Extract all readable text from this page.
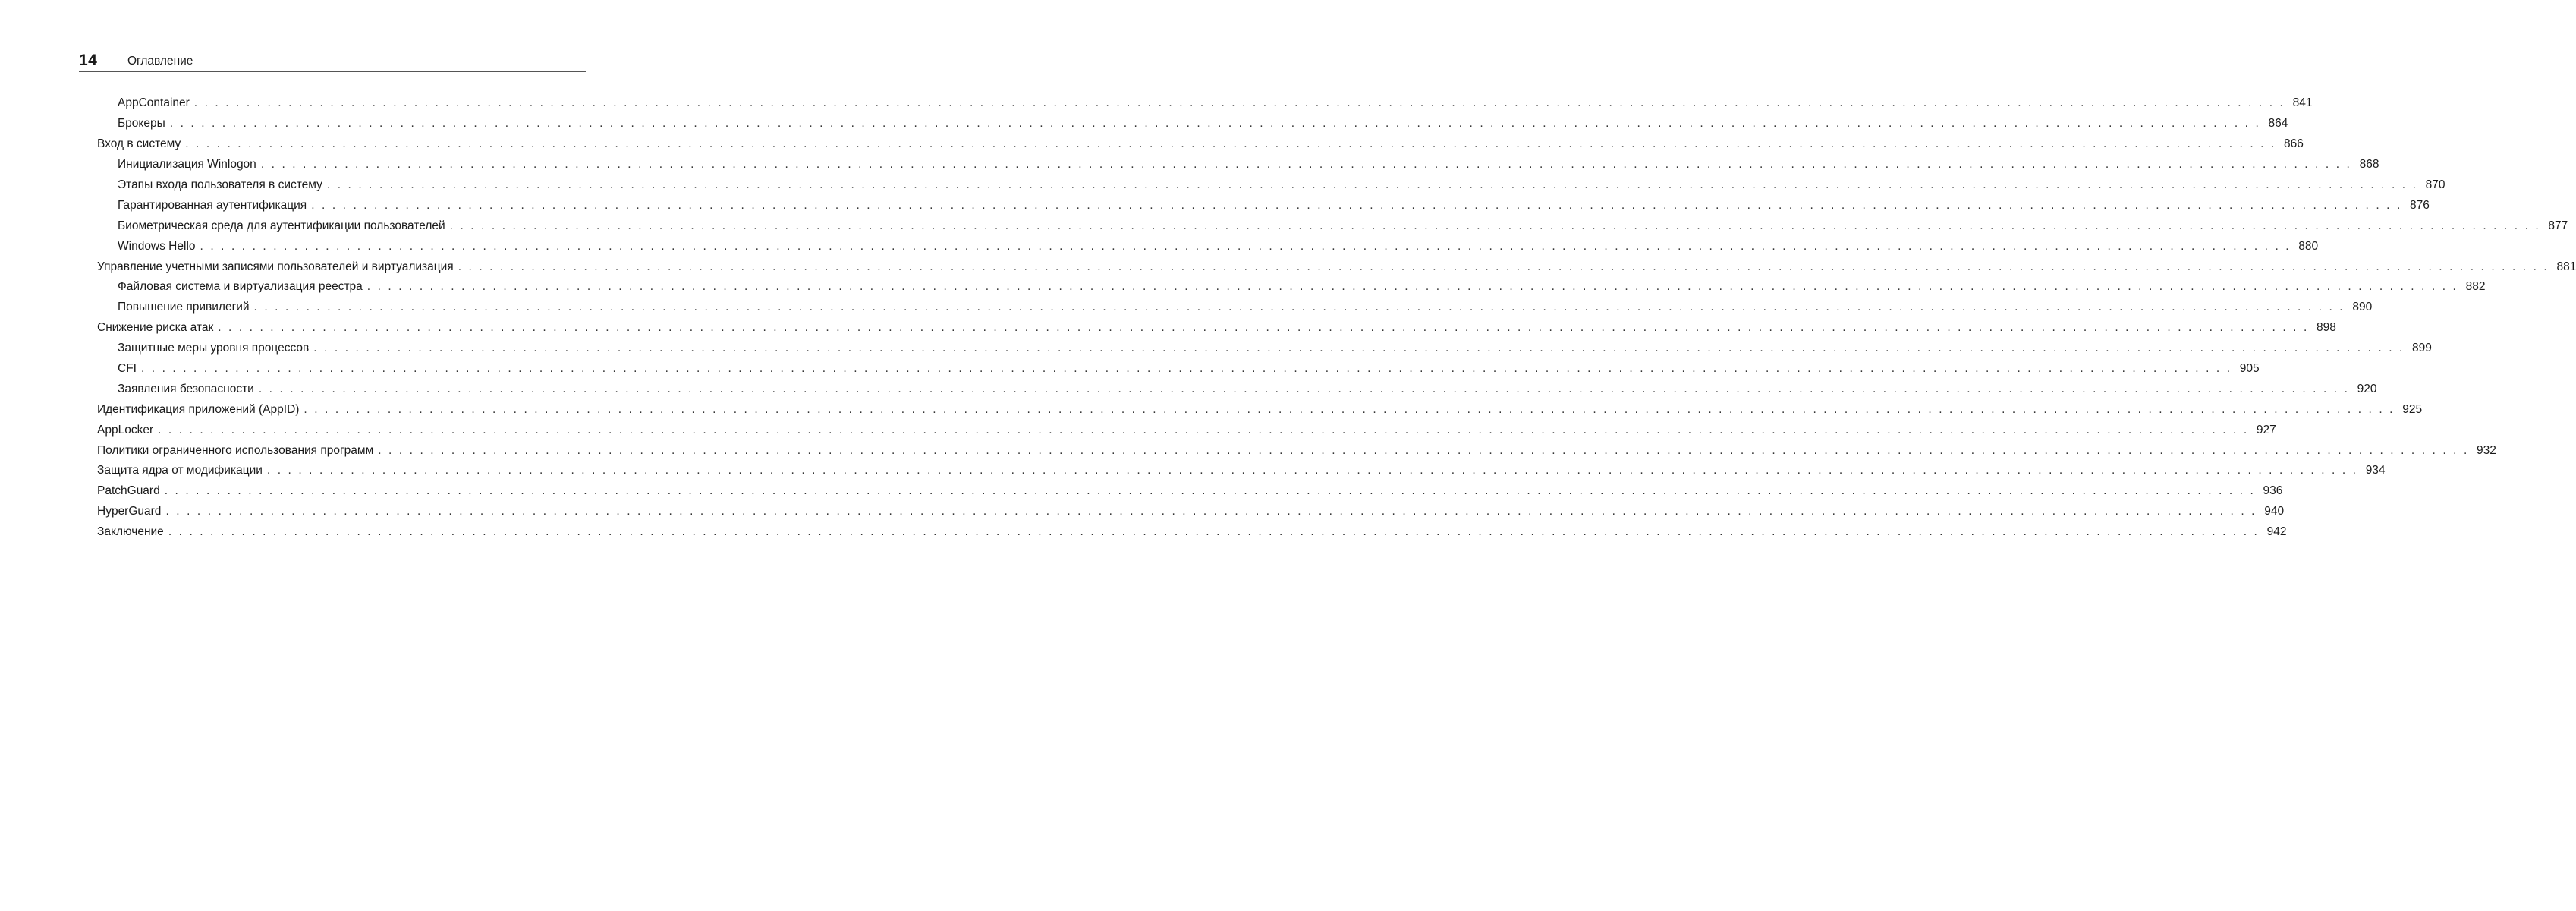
14	Оглавление
AppContainer . . . . . . . . . . . . . . . . . . . . . . . . . . . . . . . . . . . . . . . . . . . . . . . . . . . . . . . . . . . . . . . . . . . . . . . . . . . . . . . . . . . . . . . . . . . . . . . . . . . . . . . . . . . . . . . . . . . . . . . . . . . . . . . . . . . . . . . . . . . . . . . . . . . . . . . . . . . . . . . . . . . . . . . . . . . . . . . . . . . . . . . . . . . . . . . . . . . . . . . . 841
Брокеры . . . . . . . . . . . . . . . . . . . . . . . . . . . . . . . . . . . . . . . . . . . . . . . . . . . . . . . . . . . . . . . . . . . . . . . . . . . . . . . . . . . . . . . . . . . . . . . . . . . . . . . . . . . . . . . . . . . . . . . . . . . . . . . . . . . . . . . . . . . . . . . . . . . . . . . . . . . . . . . . . . . . . . . . . . . . . . . . . . . . . . . . . . . . . . . . . . . . . . . . 864
Вход в систему . . . . . . . . . . . . . . . . . . . . . . . . . . . . . . . . . . . . . . . . . . . . . . . . . . . . . . . . . . . . . . . . . . . . . . . . . . . . . . . . . . . . . . . . . . . . . . . . . . . . . . . . . . . . . . . . . . . . . . . . . . . . . . . . . . . . . . . . . . . . . . . . . . . . . . . . . . . . . . . . . . . . . . . . . . . . . . . . . . . . . . . . . . . . . . . . . . . . . . . . 866
Инициализация Winlogon . . . . . . . . . . . . . . . . . . . . . . . . . . . . . . . . . . . . . . . . . . . . . . . . . . . . . . . . . . . . . . . . . . . . . . . . . . . . . . . . . . . . . . . . . . . . . . . . . . . . . . . . . . . . . . . . . . . . . . . . . . . . . . . . . . . . . . . . . . . . . . . . . . . . . . . . . . . . . . . . . . . . . . . . . . . . . . . . . . . . . . . . . . . . . . . . . . . . . . . . 868
Этапы входа пользователя в систему . . . . . . . . . . . . . . . . . . . . . . . . . . . . . . . . . . . . . . . . . . . . . . . . . . . . . . . . . . . . . . . . . . . . . . . . . . . . . . . . . . . . . . . . . . . . . . . . . . . . . . . . . . . . . . . . . . . . . . . . . . . . . . . . . . . . . . . . . . . . . . . . . . . . . . . . . . . . . . . . . . . . . . . . . . . . . . . . . . . . . . . . . . . . . . . . . . . . . . . . 870
Гарантированная аутентификация . . . . . . . . . . . . . . . . . . . . . . . . . . . . . . . . . . . . . . . . . . . . . . . . . . . . . . . . . . . . . . . . . . . . . . . . . . . . . . . . . . . . . . . . . . . . . . . . . . . . . . . . . . . . . . . . . . . . . . . . . . . . . . . . . . . . . . . . . . . . . . . . . . . . . . . . . . . . . . . . . . . . . . . . . . . . . . . . . . . . . . . . . . . . . . . . . . . . . . . . 876
Биометрическая среда для аутентификации пользователей . . . . . . . . . . . . . . . . . . . . . . . . . . . . . . . . . . . . . . . . . . . . . . . . . . . . . . . . . . . . . . . . . . . . . . . . . . . . . . . . . . . . . . . . . . . . . . . . . . . . . . . . . . . . . . . . . . . . . . . . . . . . . . . . . . . . . . . . . . . . . . . . . . . . . . . . . . . . . . . . . . . . . . . . . . . . . . . . . . . . . . . . . . . . . . . . . . . . . . . . 877
Windows Hello . . . . . . . . . . . . . . . . . . . . . . . . . . . . . . . . . . . . . . . . . . . . . . . . . . . . . . . . . . . . . . . . . . . . . . . . . . . . . . . . . . . . . . . . . . . . . . . . . . . . . . . . . . . . . . . . . . . . . . . . . . . . . . . . . . . . . . . . . . . . . . . . . . . . . . . . . . . . . . . . . . . . . . . . . . . . . . . . . . . . . . . . . . . . . . . . . . . . . . . . 880
Управление учетными записями пользователей и виртуализация . . . . . . . . . . . . . . . . . . . . . . . . . . . . . . . . . . . . . . . . . . . . . . . . . . . . . . . . . . . . . . . . . . . . . . . . . . . . . . . . . . . . . . . . . . . . . . . . . . . . . . . . . . . . . . . . . . . . . . . . . . . . . . . . . . . . . . . . . . . . . . . . . . . . . . . . . . . . . . . . . . . . . . . . . . . . . . . . . . . . . . . . . . . . . . . . . . . . . . . . 881
Файловая система и виртуализация реестра . . . . . . . . . . . . . . . . . . . . . . . . . . . . . . . . . . . . . . . . . . . . . . . . . . . . . . . . . . . . . . . . . . . . . . . . . . . . . . . . . . . . . . . . . . . . . . . . . . . . . . . . . . . . . . . . . . . . . . . . . . . . . . . . . . . . . . . . . . . . . . . . . . . . . . . . . . . . . . . . . . . . . . . . . . . . . . . . . . . . . . . . . . . . . . . . . . . . . . . . 882
Повышение привилегий . . . . . . . . . . . . . . . . . . . . . . . . . . . . . . . . . . . . . . . . . . . . . . . . . . . . . . . . . . . . . . . . . . . . . . . . . . . . . . . . . . . . . . . . . . . . . . . . . . . . . . . . . . . . . . . . . . . . . . . . . . . . . . . . . . . . . . . . . . . . . . . . . . . . . . . . . . . . . . . . . . . . . . . . . . . . . . . . . . . . . . . . . . . . . . . . . . . . . . . . 890
Снижение риска атак . . . . . . . . . . . . . . . . . . . . . . . . . . . . . . . . . . . . . . . . . . . . . . . . . . . . . . . . . . . . . . . . . . . . . . . . . . . . . . . . . . . . . . . . . . . . . . . . . . . . . . . . . . . . . . . . . . . . . . . . . . . . . . . . . . . . . . . . . . . . . . . . . . . . . . . . . . . . . . . . . . . . . . . . . . . . . . . . . . . . . . . . . . . . . . . . . . . . . . . . 898
Защитные меры уровня процессов . . . . . . . . . . . . . . . . . . . . . . . . . . . . . . . . . . . . . . . . . . . . . . . . . . . . . . . . . . . . . . . . . . . . . . . . . . . . . . . . . . . . . . . . . . . . . . . . . . . . . . . . . . . . . . . . . . . . . . . . . . . . . . . . . . . . . . . . . . . . . . . . . . . . . . . . . . . . . . . . . . . . . . . . . . . . . . . . . . . . . . . . . . . . . . . . . . . . . . . . 899
CFI . . . . . . . . . . . . . . . . . . . . . . . . . . . . . . . . . . . . . . . . . . . . . . . . . . . . . . . . . . . . . . . . . . . . . . . . . . . . . . . . . . . . . . . . . . . . . . . . . . . . . . . . . . . . . . . . . . . . . . . . . . . . . . . . . . . . . . . . . . . . . . . . . . . . . . . . . . . . . . . . . . . . . . . . . . . . . . . . . . . . . . . . . . . . . . . . . . . . . . . . 905
Заявления безопасности . . . . . . . . . . . . . . . . . . . . . . . . . . . . . . . . . . . . . . . . . . . . . . . . . . . . . . . . . . . . . . . . . . . . . . . . . . . . . . . . . . . . . . . . . . . . . . . . . . . . . . . . . . . . . . . . . . . . . . . . . . . . . . . . . . . . . . . . . . . . . . . . . . . . . . . . . . . . . . . . . . . . . . . . . . . . . . . . . . . . . . . . . . . . . . . . . . . . . . . . 920
Идентификация приложений (AppID) . . . . . . . . . . . . . . . . . . . . . . . . . . . . . . . . . . . . . . . . . . . . . . . . . . . . . . . . . . . . . . . . . . . . . . . . . . . . . . . . . . . . . . . . . . . . . . . . . . . . . . . . . . . . . . . . . . . . . . . . . . . . . . . . . . . . . . . . . . . . . . . . . . . . . . . . . . . . . . . . . . . . . . . . . . . . . . . . . . . . . . . . . . . . . . . . . . . . . . . . 925
AppLocker . . . . . . . . . . . . . . . . . . . . . . . . . . . . . . . . . . . . . . . . . . . . . . . . . . . . . . . . . . . . . . . . . . . . . . . . . . . . . . . . . . . . . . . . . . . . . . . . . . . . . . . . . . . . . . . . . . . . . . . . . . . . . . . . . . . . . . . . . . . . . . . . . . . . . . . . . . . . . . . . . . . . . . . . . . . . . . . . . . . . . . . . . . . . . . . . . . . . . . . . 927
Политики ограниченного использования программ . . . . . . . . . . . . . . . . . . . . . . . . . . . . . . . . . . . . . . . . . . . . . . . . . . . . . . . . . . . . . . . . . . . . . . . . . . . . . . . . . . . . . . . . . . . . . . . . . . . . . . . . . . . . . . . . . . . . . . . . . . . . . . . . . . . . . . . . . . . . . . . . . . . . . . . . . . . . . . . . . . . . . . . . . . . . . . . . . . . . . . . . . . . . . . . . . . . . . . . . 932
Защита ядра от модификации . . . . . . . . . . . . . . . . . . . . . . . . . . . . . . . . . . . . . . . . . . . . . . . . . . . . . . . . . . . . . . . . . . . . . . . . . . . . . . . . . . . . . . . . . . . . . . . . . . . . . . . . . . . . . . . . . . . . . . . . . . . . . . . . . . . . . . . . . . . . . . . . . . . . . . . . . . . . . . . . . . . . . . . . . . . . . . . . . . . . . . . . . . . . . . . . . . . . . . . . 934
PatchGuard . . . . . . . . . . . . . . . . . . . . . . . . . . . . . . . . . . . . . . . . . . . . . . . . . . . . . . . . . . . . . . . . . . . . . . . . . . . . . . . . . . . . . . . . . . . . . . . . . . . . . . . . . . . . . . . . . . . . . . . . . . . . . . . . . . . . . . . . . . . . . . . . . . . . . . . . . . . . . . . . . . . . . . . . . . . . . . . . . . . . . . . . . . . . . . . . . . . . . . . . 936
HyperGuard . . . . . . . . . . . . . . . . . . . . . . . . . . . . . . . . . . . . . . . . . . . . . . . . . . . . . . . . . . . . . . . . . . . . . . . . . . . . . . . . . . . . . . . . . . . . . . . . . . . . . . . . . . . . . . . . . . . . . . . . . . . . . . . . . . . . . . . . . . . . . . . . . . . . . . . . . . . . . . . . . . . . . . . . . . . . . . . . . . . . . . . . . . . . . . . . . . . . . . . . 940
Заключение . . . . . . . . . . . . . . . . . . . . . . . . . . . . . . . . . . . . . . . . . . . . . . . . . . . . . . . . . . . . . . . . . . . . . . . . . . . . . . . . . . . . . . . . . . . . . . . . . . . . . . . . . . . . . . . . . . . . . . . . . . . . . . . . . . . . . . . . . . . . . . . . . . . . . . . . . . . . . . . . . . . . . . . . . . . . . . . . . . . . . . . . . . . . . . . . . . . . . . . . 942
